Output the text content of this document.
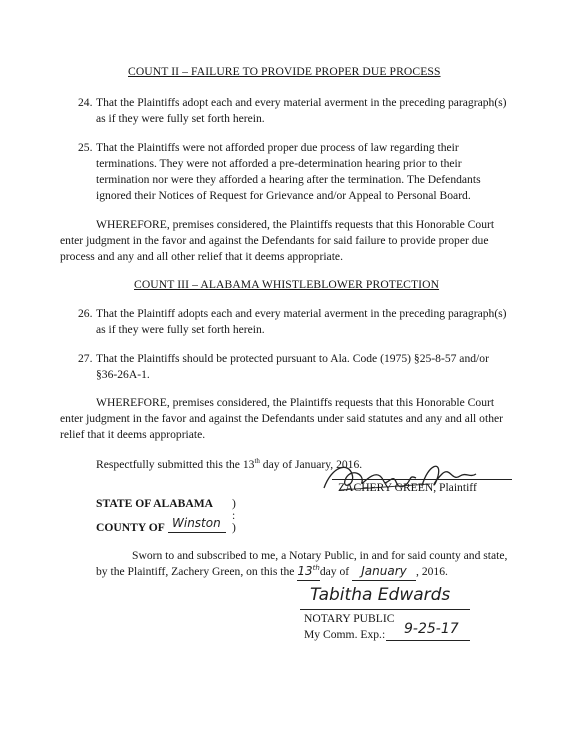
COUNT II – FAILURE TO PROVIDE PROPER DUE PROCESS
24. That the Plaintiffs adopt each and every material averment in the preceding paragraph(s)
as if they were fully set forth herein.
25. That the Plaintiffs were not afforded proper due process of law regarding their
terminations. They were not afforded a pre-determination hearing prior to their
termination nor were they afforded a hearing after the termination. The Defendants
ignored their Notices of Request for Grievance and/or Appeal to Personal Board.
WHEREFORE, premises considered, the Plaintiffs requests that this Honorable Court
enter judgment in the favor and against the Defendants for said failure to provide proper due
process and any and all other relief that it deems appropriate.
COUNT III – ALABAMA WHISTLEBLOWER PROTECTION
26. That the Plaintiff adopts each and every material averment in the preceding paragraph(s)
as if they were fully set forth herein.
27. That the Plaintiffs should be protected pursuant to Ala. Code (1975) §25-8-57 and/or
§36-26A-1.
WHEREFORE, premises considered, the Plaintiffs requests that this Honorable Court
enter judgment in the favor and against the Defendants under said statutes and any and all other
relief that it deems appropriate.
Respectfully submitted this the 13th day of January, 2016.
ZACHERY GREEN, Plaintiff
STATE OF ALABAMA )
:
COUNTY OF Winston )
Sworn to and subscribed to me, a Notary Public, in and for said county and state,
by the Plaintiff, Zachery Green, on this the 13thday of January , 2016.
Tabitha Edwards
NOTARY PUBLIC
My Comm. Exp.: 9-25-17
